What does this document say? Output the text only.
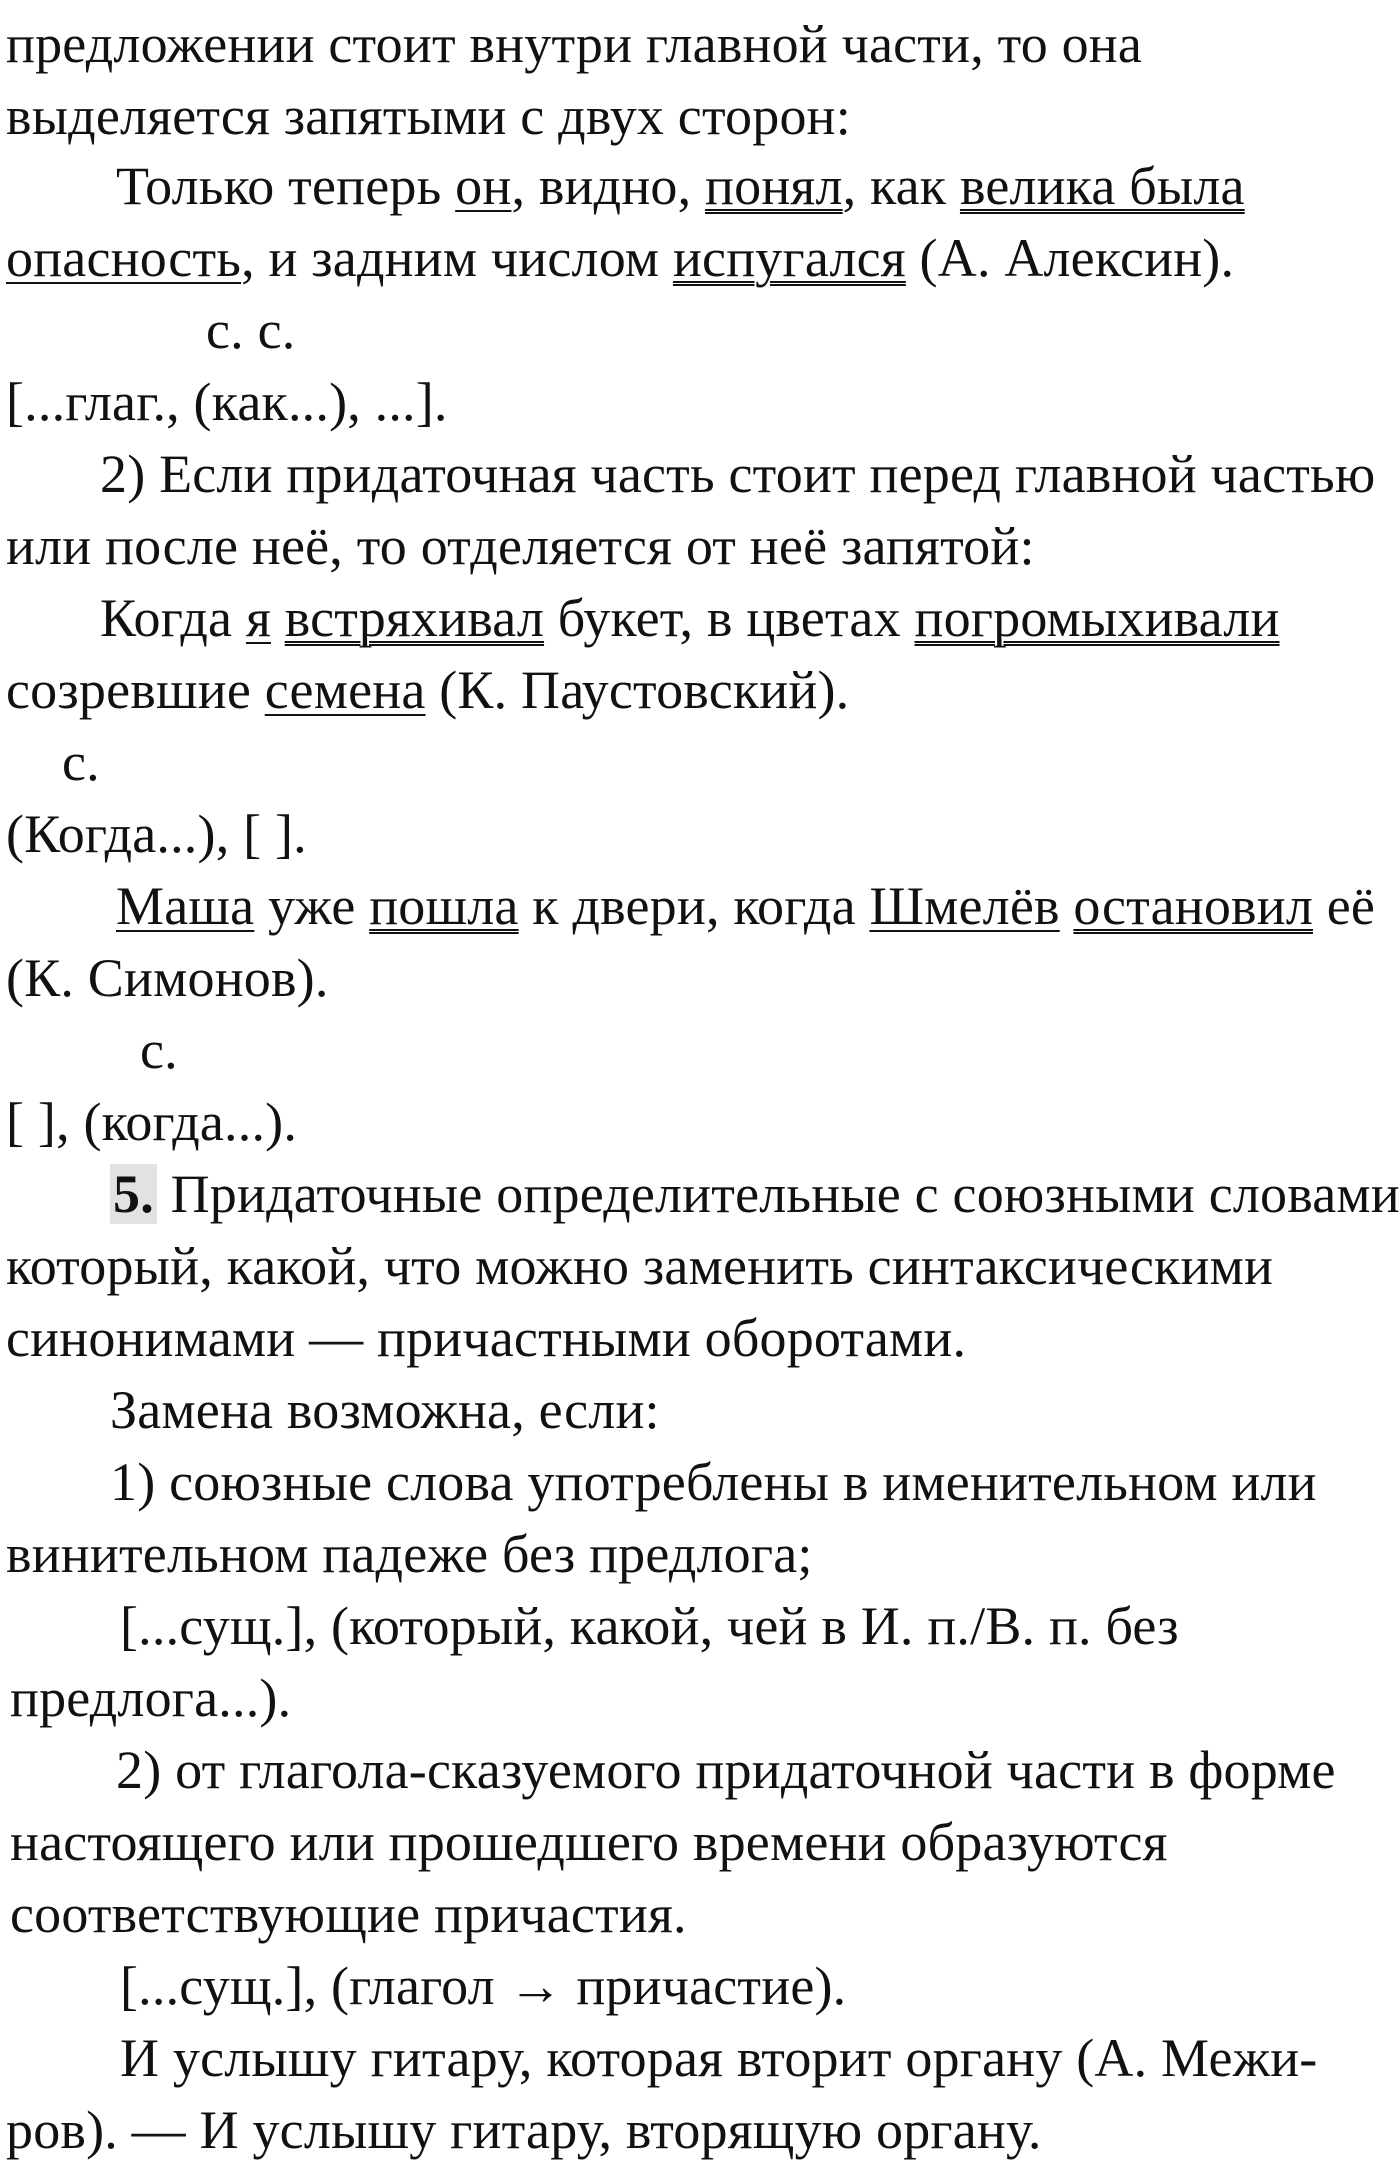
предложении стоит внутри главной части, то она
выделяется запятыми с двух сторон:
Только теперь он, видно, понял, как велика была
опасность, и задним числом испугался (А. Алексин).
с. с.
[...глаг., (как...), ...].
2) Если придаточная часть стоит перед главной частью
или после неё, то отделяется от неё запятой:
Когда я встряхивал букет, в цветах погромыхивали
созревшие семена (К. Паустовский).
с.
(Когда...), [ ].
Маша уже пошла к двери, когда Шмелёв остановил её
(К. Симонов).
с.
[ ], (когда...).
5. Придаточные определительные с союзными словами
который, какой, что можно заменить синтаксическими
синонимами — причастными оборотами.
Замена возможна, если:
1) союзные слова употреблены в именительном или
винительном падеже без предлога;
[...сущ.], (который, какой, чей в И. п./В. п. без
предлога...).
2) от глагола-сказуемого придаточной части в форме
настоящего или прошедшего времени образуются
соответствующие причастия.
[...сущ.], (глагол → причастие).
И услышу гитару, которая вторит органу (А. Межи-
ров). — И услышу гитару, вторящую органу.
